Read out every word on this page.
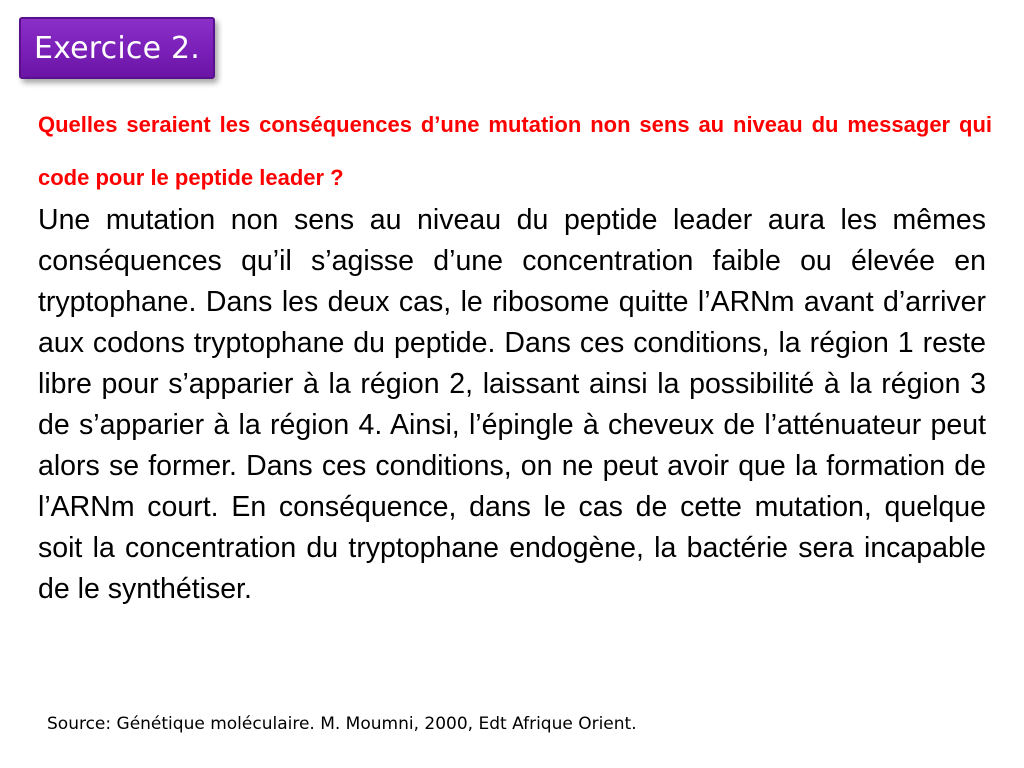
Exercice 2.
Quelles seraient les conséquences d’une mutation non sens au niveau du messager qui code pour le peptide leader ?
Une mutation non sens au niveau du peptide leader aura les mêmes conséquences qu’il s’agisse d’une concentration faible ou élevée en tryptophane. Dans les deux cas, le ribosome quitte l’ARNm avant d’arriver aux codons tryptophane du peptide. Dans ces conditions, la région 1 reste libre pour s’apparier à la région 2, laissant ainsi la possibilité à la région 3 de s’apparier à la région 4. Ainsi, l’épingle à cheveux de l’atténuateur peut alors se former. Dans ces conditions, on ne peut avoir que la formation de l’ARNm court. En conséquence, dans le cas de cette mutation, quelque soit la concentration du tryptophane endogène, la bactérie sera incapable de le synthétiser.
Source: Génétique moléculaire. M. Moumni, 2000, Edt Afrique Orient.
